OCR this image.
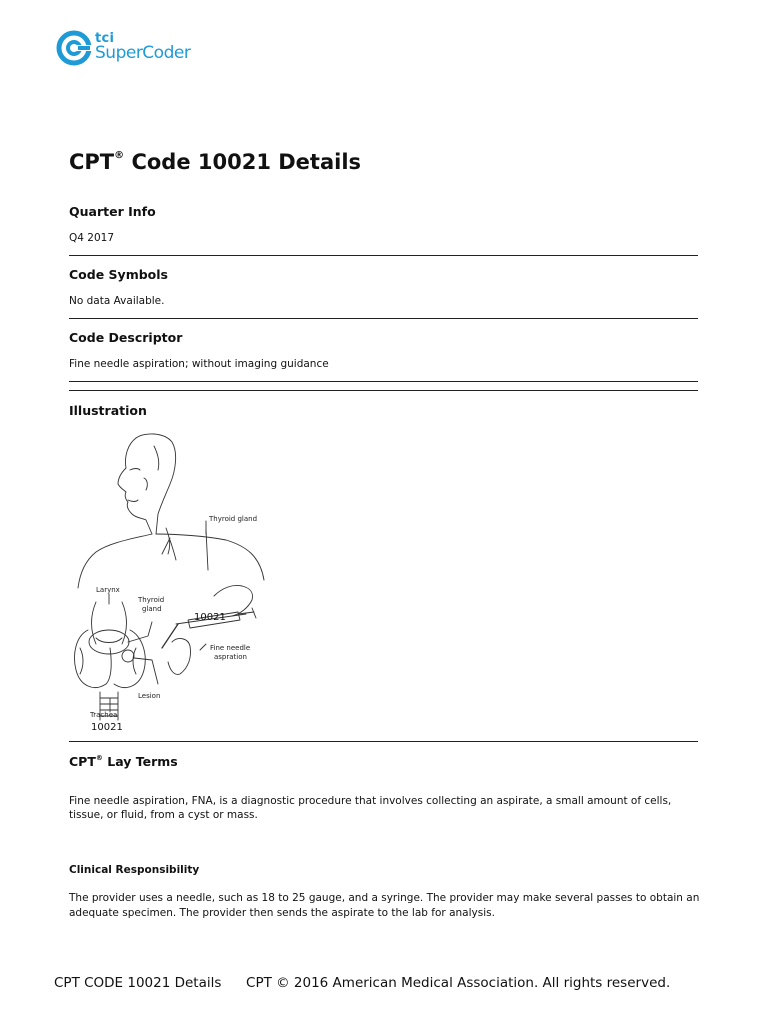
tci
SuperCoder
CPT® Code 10021 Details
Quarter Info

Q4 2017

Code Symbols

No data Available.

Code Descriptor

Fine needle aspiration; without imaging guidance

Illustration
Thyroid gland
Larynx
Thyroid
gland
10021
Fine needle
aspration
Lesion
Trachea
10021
CPT® Lay Terms

Fine needle aspiration, FNA, is a diagnostic procedure that involves collecting an aspirate, a small amount of cells,

tissue, or fluid, from a cyst or mass.

Clinical Responsibility

The provider uses a needle, such as 18 to 25 gauge, and a syringe. The provider may make several passes to obtain an

adequate specimen. The provider then sends the aspirate to the lab for analysis.

CPT CODE 10021 Details CPT © 2016 American Medical Association. All rights reserved.
